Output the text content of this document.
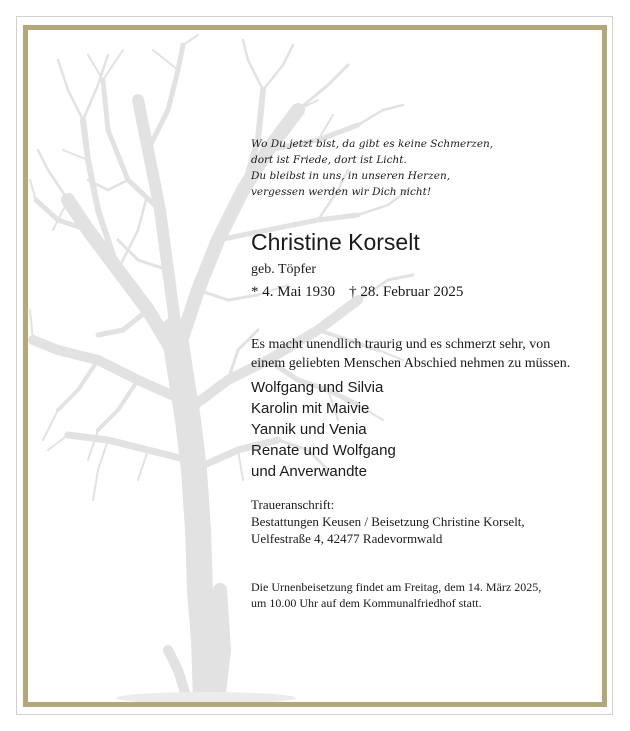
Wo Du jetzt bist, da gibt es keine Schmerzen,
dort ist Friede, dort ist Licht.
Du bleibst in uns, in unseren Herzen,
vergessen werden wir Dich nicht!
Christine Korselt
geb. Töpfer
* 4. Mai 1930 † 28. Februar 2025
Es macht unendlich traurig und es schmerzt sehr, von
einem geliebten Menschen Abschied nehmen zu müssen.
Wolfgang und Silvia
Karolin mit Maivie
Yannik und Venia
Renate und Wolfgang
und Anverwandte
Traueranschrift:
Bestattungen Keusen / Beisetzung Christine Korselt,
Uelfestraße 4, 42477 Radevormwald
Die Urnenbeisetzung findet am Freitag, dem 14. März 2025,
um 10.00 Uhr auf dem Kommunalfriedhof statt.
